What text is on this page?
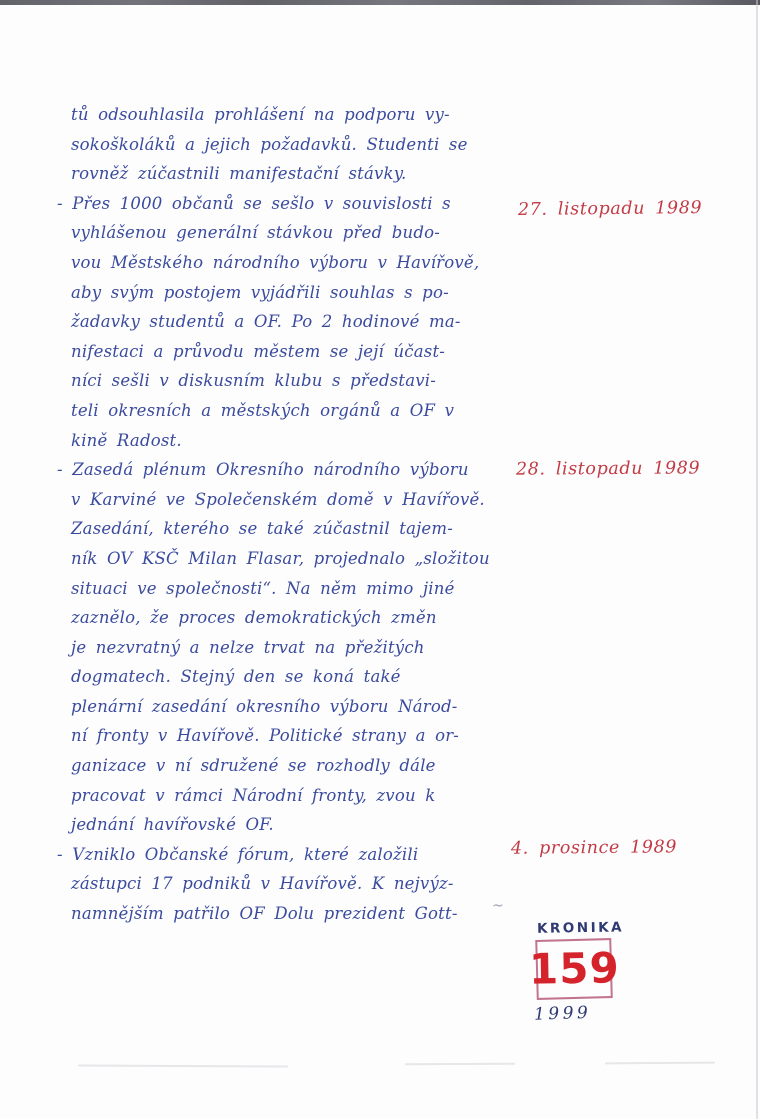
~
tů odsouhlasila prohlášení na podporu vy-
sokoškoláků a jejich požadavků. Studenti se
rovněž zúčastnili manifestační stávky.
- Přes 1000 občanů se sešlo v souvislosti s
vyhlášenou generální stávkou před budo-
vou Městského národního výboru v Havířově,
aby svým postojem vyjádřili souhlas s po-
žadavky studentů a OF. Po 2 hodinové ma-
nifestaci a průvodu městem se její účast-
níci sešli v diskusním klubu s představi-
teli okresních a městských orgánů a OF v
kině Radost.
- Zasedá plénum Okresního národního výboru
v Karviné ve Společenském domě v Havířově.
Zasedání, kterého se také zúčastnil tajem-
ník OV KSČ Milan Flasar, projednalo „složitou
situaci ve společnosti“. Na něm mimo jiné
zaznělo, že proces demokratických změn
je nezvratný a nelze trvat na přežitých
dogmatech. Stejný den se koná také
plenární zasedání okresního výboru Národ-
ní fronty v Havířově. Politické strany a or-
ganizace v ní sdružené se rozhodly dále
pracovat v rámci Národní fronty, zvou k
jednání havířovské OF.
- Vzniklo Občanské fórum, které založili
zástupci 17 podniků v Havířově. K nejvýz-
namnějším patřilo OF Dolu prezident Gott-
27. listopadu 1989
28. listopadu 1989
4. prosince 1989
KRONIKA
159
1999
